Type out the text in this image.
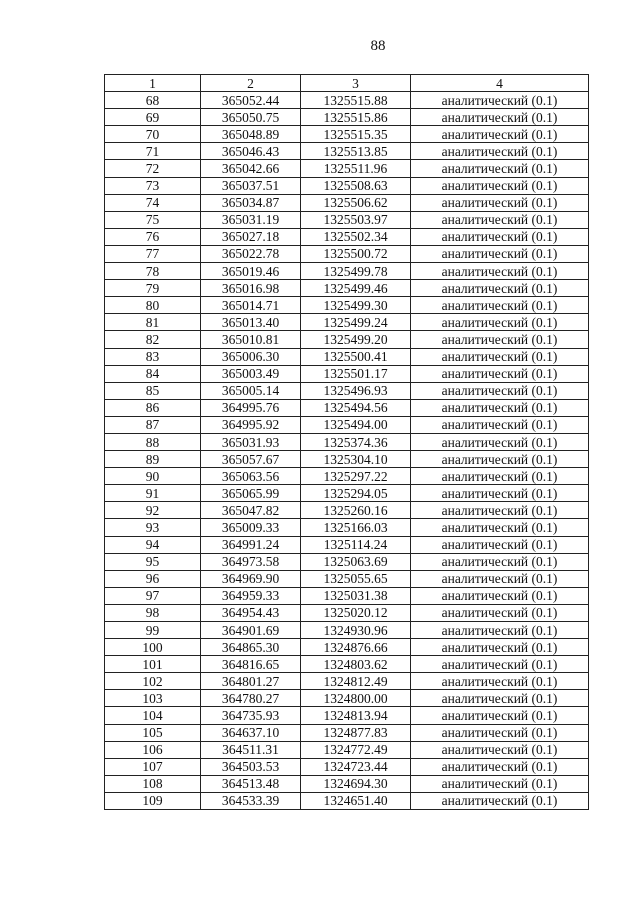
88
1	2	3	4
68	365052.44	1325515.88	аналитический (0.1)
69	365050.75	1325515.86	аналитический (0.1)
70	365048.89	1325515.35	аналитический (0.1)
71	365046.43	1325513.85	аналитический (0.1)
72	365042.66	1325511.96	аналитический (0.1)
73	365037.51	1325508.63	аналитический (0.1)
74	365034.87	1325506.62	аналитический (0.1)
75	365031.19	1325503.97	аналитический (0.1)
76	365027.18	1325502.34	аналитический (0.1)
77	365022.78	1325500.72	аналитический (0.1)
78	365019.46	1325499.78	аналитический (0.1)
79	365016.98	1325499.46	аналитический (0.1)
80	365014.71	1325499.30	аналитический (0.1)
81	365013.40	1325499.24	аналитический (0.1)
82	365010.81	1325499.20	аналитический (0.1)
83	365006.30	1325500.41	аналитический (0.1)
84	365003.49	1325501.17	аналитический (0.1)
85	365005.14	1325496.93	аналитический (0.1)
86	364995.76	1325494.56	аналитический (0.1)
87	364995.92	1325494.00	аналитический (0.1)
88	365031.93	1325374.36	аналитический (0.1)
89	365057.67	1325304.10	аналитический (0.1)
90	365063.56	1325297.22	аналитический (0.1)
91	365065.99	1325294.05	аналитический (0.1)
92	365047.82	1325260.16	аналитический (0.1)
93	365009.33	1325166.03	аналитический (0.1)
94	364991.24	1325114.24	аналитический (0.1)
95	364973.58	1325063.69	аналитический (0.1)
96	364969.90	1325055.65	аналитический (0.1)
97	364959.33	1325031.38	аналитический (0.1)
98	364954.43	1325020.12	аналитический (0.1)
99	364901.69	1324930.96	аналитический (0.1)
100	364865.30	1324876.66	аналитический (0.1)
101	364816.65	1324803.62	аналитический (0.1)
102	364801.27	1324812.49	аналитический (0.1)
103	364780.27	1324800.00	аналитический (0.1)
104	364735.93	1324813.94	аналитический (0.1)
105	364637.10	1324877.83	аналитический (0.1)
106	364511.31	1324772.49	аналитический (0.1)
107	364503.53	1324723.44	аналитический (0.1)
108	364513.48	1324694.30	аналитический (0.1)
109	364533.39	1324651.40	аналитический (0.1)
